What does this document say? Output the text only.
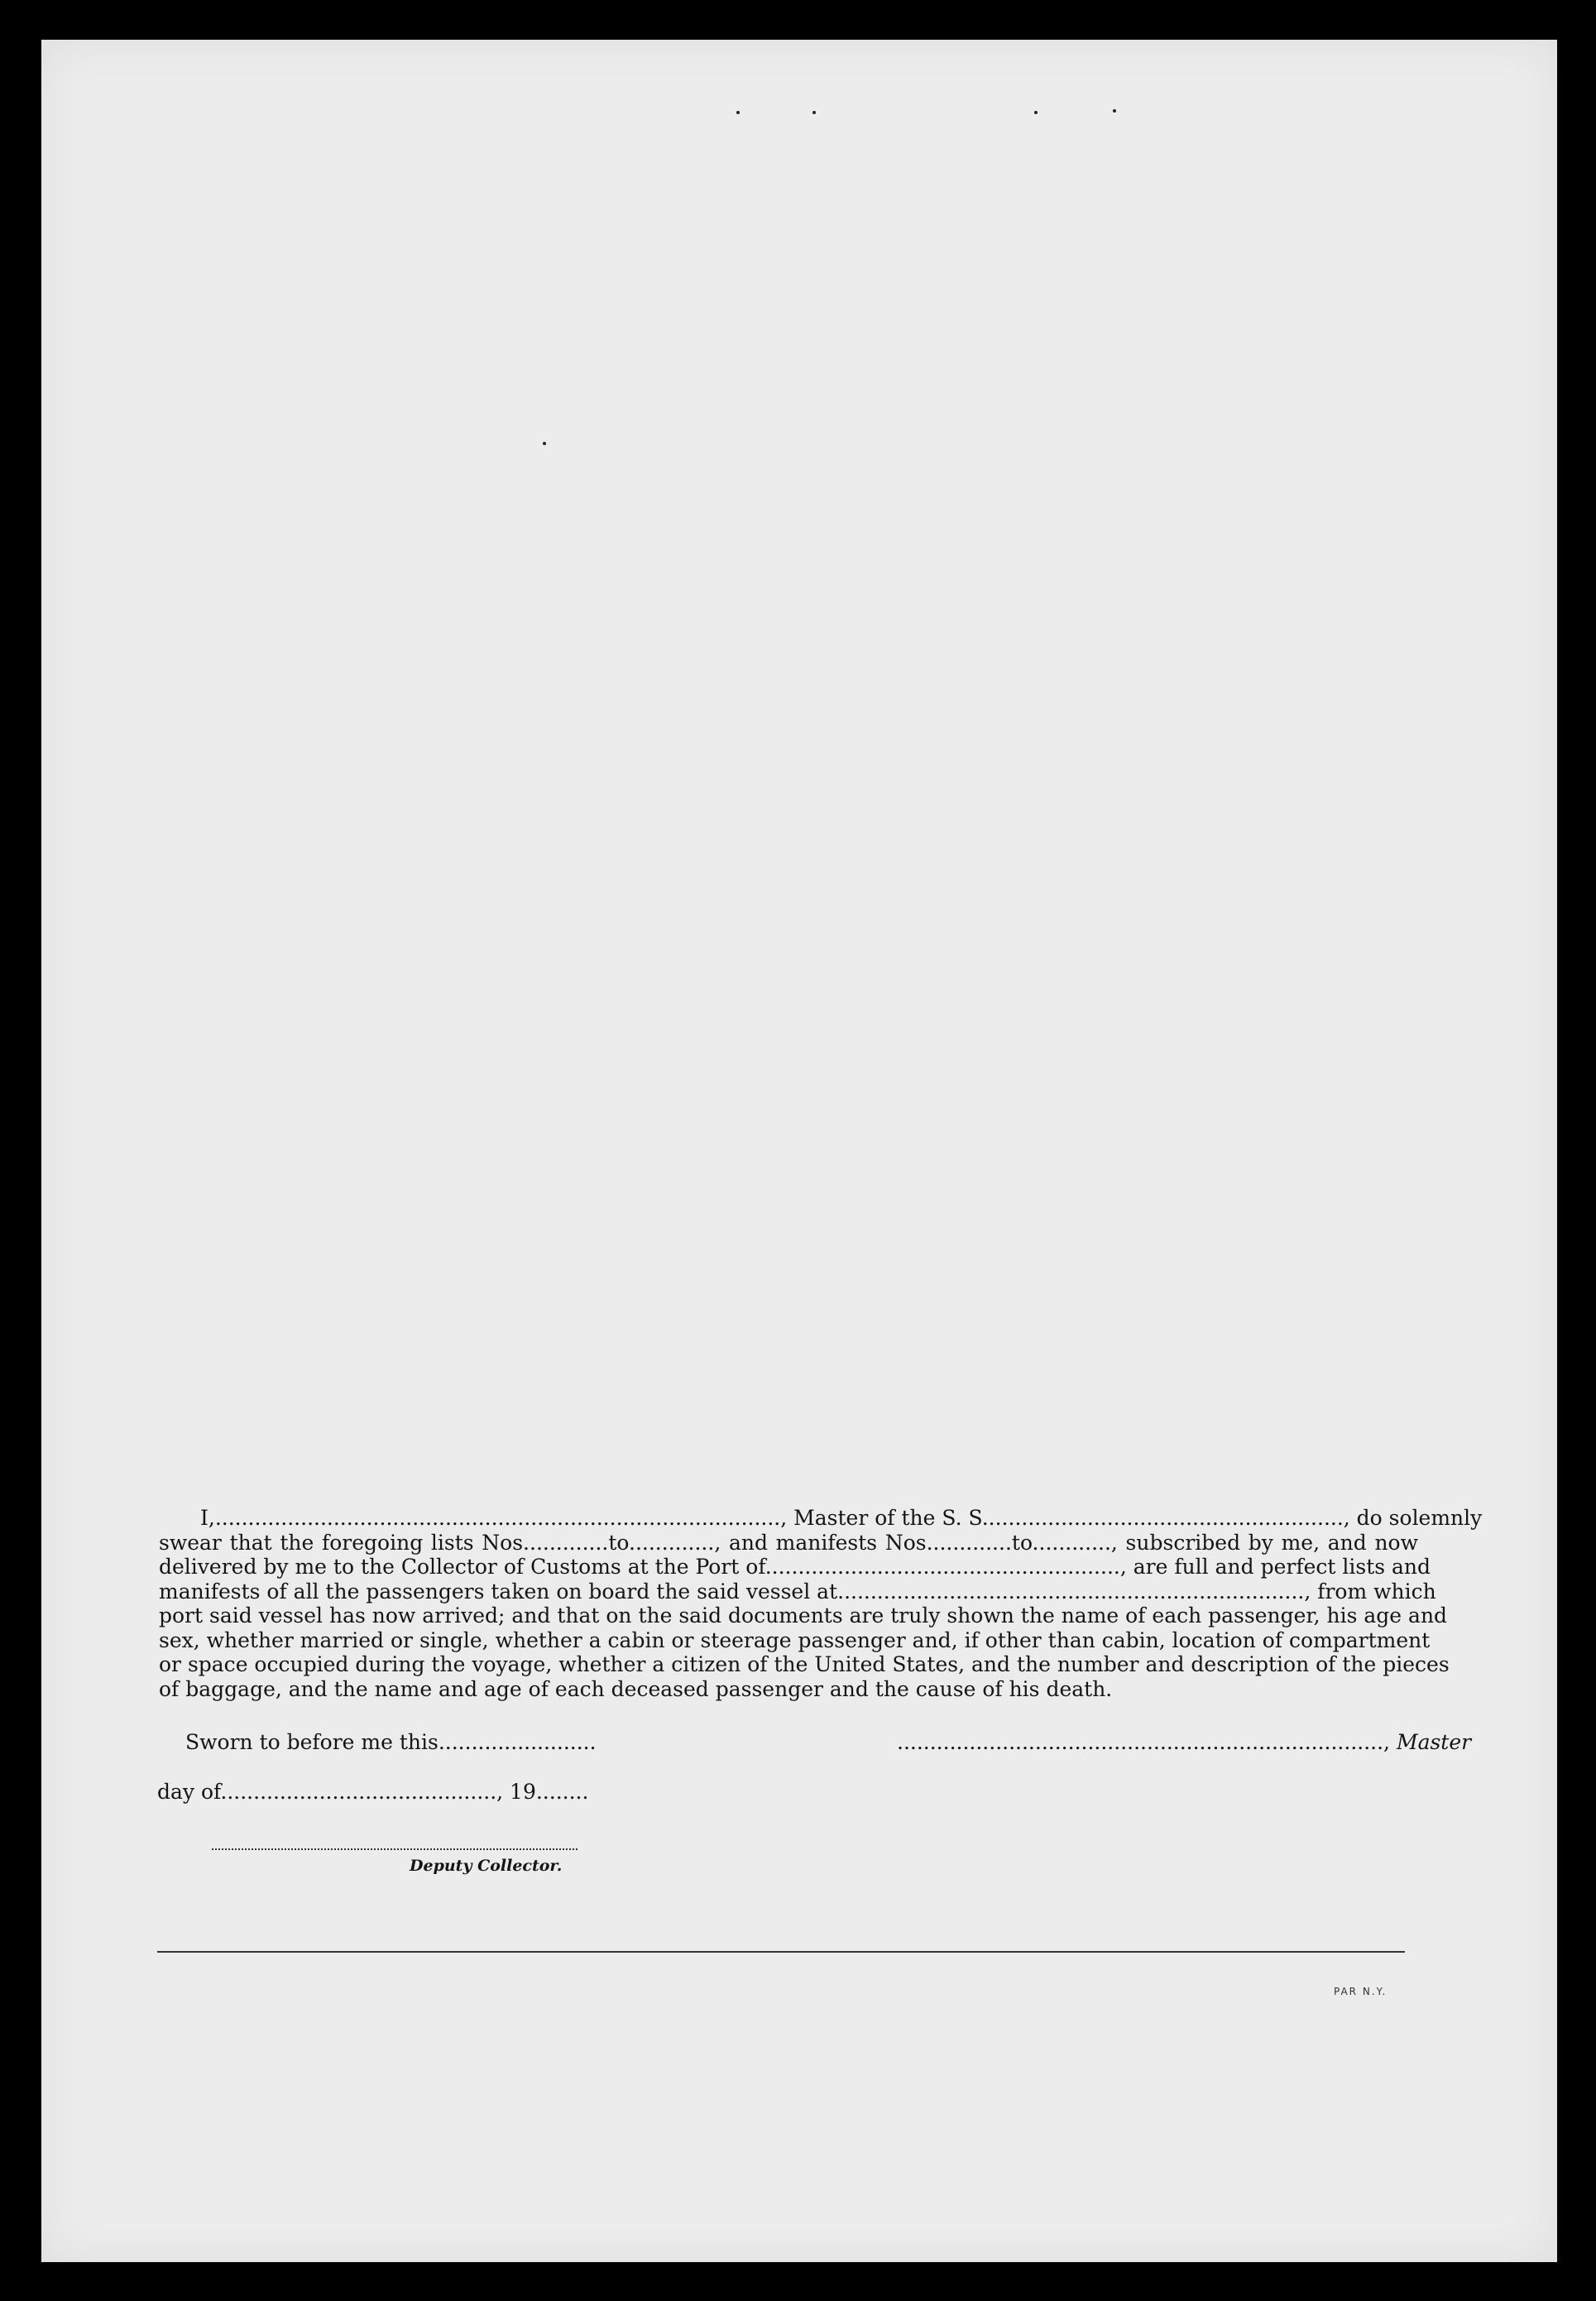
I,......................................................................................, Master of the S. S......................................................., do solemnly
swear that the foregoing lists Nos.............to............., and manifests Nos.............to............, subscribed by me, and now
delivered by me to the Collector of Customs at the Port of......................................................, are full and perfect lists and
manifests of all the passengers taken on board the said vessel at......................................................................., from which
port said vessel has now arrived; and that on the said documents are truly shown the name of each passenger, his age and
sex, whether married or single, whether a cabin or steerage passenger and, if other than cabin, location of compartment
or space occupied during the voyage, whether a citizen of the United States, and the number and description of the pieces
of baggage, and the name and age of each deceased passenger and the cause of his death.
Sworn to before me this........................	.........................................................................., Master
day of.........................................., 19........
Deputy Collector.
PAR N.Y.
